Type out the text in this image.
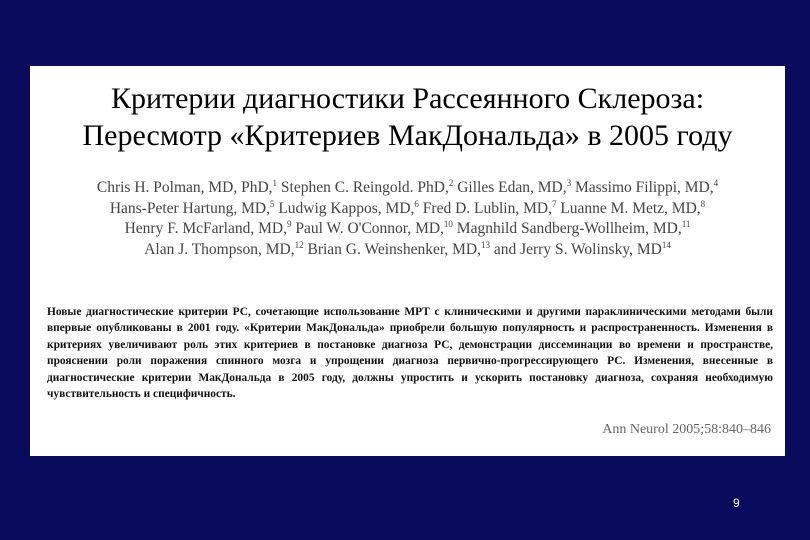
Критерии диагностики Рассеянного Склероза:
Пересмотр «Критериев МакДональда» в 2005 году
Chris H. Polman, MD, PhD,$^1$ Stephen C. Reingold. PhD,$^2$ Gilles Edan, MD,$^3$ Massimo Filippi, MD,$^4$
Hans-Peter Hartung, MD,$^5$ Ludwig Kappos, MD,$^6$ Fred D. Lublin, MD,$^7$ Luanne M. Metz, MD,$^8$
Henry F. McFarland, MD,$^9$ Paul W. O'Connor, MD,$^{10}$ Magnhild Sandberg-Wollheim, MD,$^{11}$
Alan J. Thompson, MD,$^{12}$ Brian G. Weinshenker, MD,$^{13}$ and Jerry S. Wolinsky, MD$^{14}$
Новые диагностические критерии РС, сочетающие использование МРТ с клиническими и другими параклиническими методами были впервые опубликованы в 2001 году. «Критерии МакДональда» приобрели большую популярность и распространенность. Изменения в критериях увеличивают роль этих критериев в постановке диагноза РС, демонстрации диссеминации во времени и пространстве, прояснении роли поражения спинного мозга и упрощении диагноза первично-прогрессирующего РС. Изменения, внесенные в диагностические критерии МакДональда в 2005 году, должны упростить и ускорить постановку диагноза, сохраняя необходимую чувствительность и специфичность.
Ann Neurol 2005;58:840–846
9
